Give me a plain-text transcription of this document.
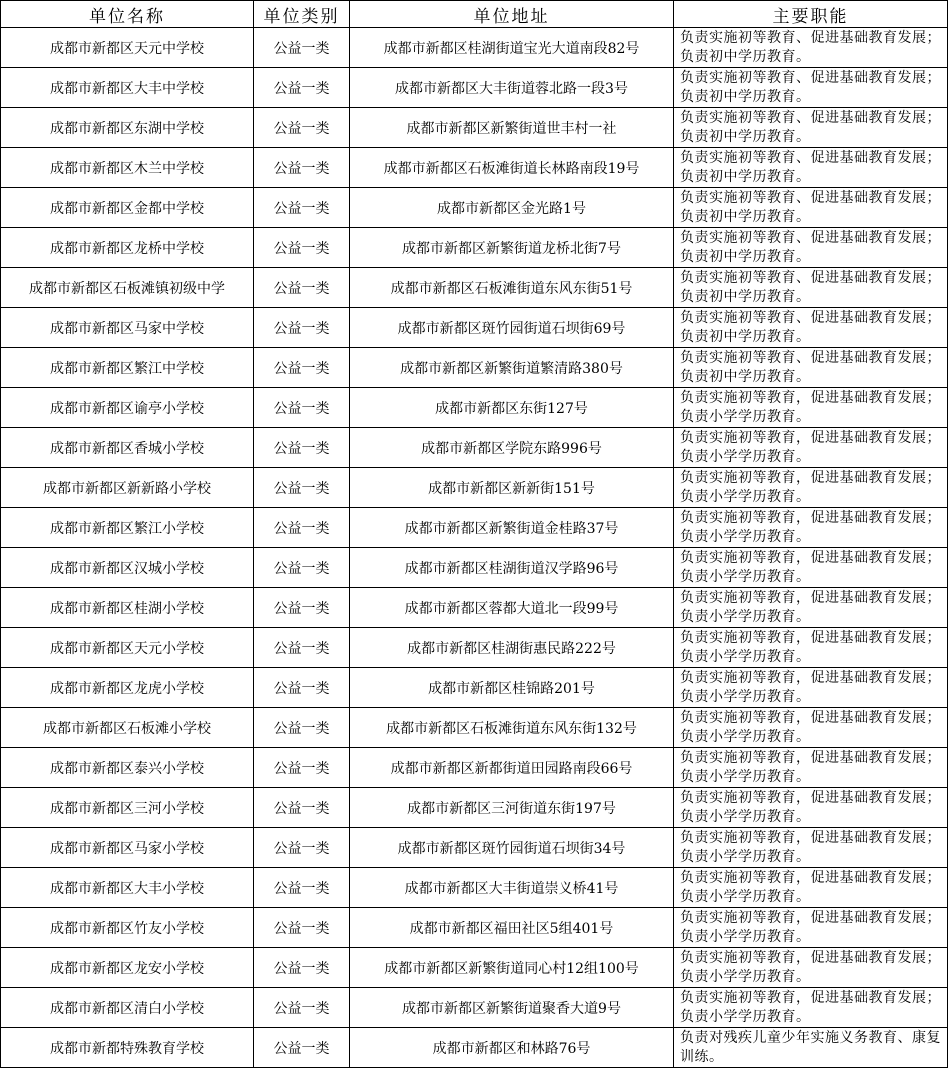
单位名称	单位类别	单位地址	主要职能
成都市新都区天元中学校	公益一类	成都市新都区桂湖街道宝光大道南段82号	负责实施初等教育、促进基础教育发展；负责初中学历教育。
成都市新都区大丰中学校	公益一类	成都市新都区大丰街道蓉北路一段3号	负责实施初等教育、促进基础教育发展；负责初中学历教育。
成都市新都区东湖中学校	公益一类	成都市新都区新繁街道世丰村一社	负责实施初等教育、促进基础教育发展；负责初中学历教育。
成都市新都区木兰中学校	公益一类	成都市新都区石板滩街道长林路南段19号	负责实施初等教育、促进基础教育发展；负责初中学历教育。
成都市新都区金都中学校	公益一类	成都市新都区金光路1号	负责实施初等教育、促进基础教育发展；负责初中学历教育。
成都市新都区龙桥中学校	公益一类	成都市新都区新繁街道龙桥北街7号	负责实施初等教育、促进基础教育发展；负责初中学历教育。
成都市新都区石板滩镇初级中学	公益一类	成都市新都区石板滩街道东风东街51号	负责实施初等教育、促进基础教育发展；负责初中学历教育。
成都市新都区马家中学校	公益一类	成都市新都区斑竹园街道石坝街69号	负责实施初等教育、促进基础教育发展；负责初中学历教育。
成都市新都区繁江中学校	公益一类	成都市新都区新繁街道繁清路380号	负责实施初等教育、促进基础教育发展；负责初中学历教育。
成都市新都区谕亭小学校	公益一类	成都市新都区东街127号	负责实施初等教育，促进基础教育发展；负责小学学历教育。
成都市新都区香城小学校	公益一类	成都市新都区学院东路996号	负责实施初等教育，促进基础教育发展；负责小学学历教育。
成都市新都区新新路小学校	公益一类	成都市新都区新新街151号	负责实施初等教育，促进基础教育发展；负责小学学历教育。
成都市新都区繁江小学校	公益一类	成都市新都区新繁街道金桂路37号	负责实施初等教育，促进基础教育发展；负责小学学历教育。
成都市新都区汉城小学校	公益一类	成都市新都区桂湖街道汉学路96号	负责实施初等教育，促进基础教育发展；负责小学学历教育。
成都市新都区桂湖小学校	公益一类	成都市新都区蓉都大道北一段99号	负责实施初等教育，促进基础教育发展；负责小学学历教育。
成都市新都区天元小学校	公益一类	成都市新都区桂湖街惠民路222号	负责实施初等教育，促进基础教育发展；负责小学学历教育。
成都市新都区龙虎小学校	公益一类	成都市新都区桂锦路201号	负责实施初等教育，促进基础教育发展；负责小学学历教育。
成都市新都区石板滩小学校	公益一类	成都市新都区石板滩街道东风东街132号	负责实施初等教育，促进基础教育发展；负责小学学历教育。
成都市新都区泰兴小学校	公益一类	成都市新都区新都街道田园路南段66号	负责实施初等教育，促进基础教育发展；负责小学学历教育。
成都市新都区三河小学校	公益一类	成都市新都区三河街道东街197号	负责实施初等教育，促进基础教育发展；负责小学学历教育。
成都市新都区马家小学校	公益一类	成都市新都区斑竹园街道石坝街34号	负责实施初等教育，促进基础教育发展；负责小学学历教育。
成都市新都区大丰小学校	公益一类	成都市新都区大丰街道崇义桥41号	负责实施初等教育，促进基础教育发展；负责小学学历教育。
成都市新都区竹友小学校	公益一类	成都市新都区福田社区5组401号	负责实施初等教育，促进基础教育发展；负责小学学历教育。
成都市新都区龙安小学校	公益一类	成都市新都区新繁街道同心村12组100号	负责实施初等教育，促进基础教育发展；负责小学学历教育。
成都市新都区清白小学校	公益一类	成都市新都区新繁街道聚香大道9号	负责实施初等教育，促进基础教育发展；负责小学学历教育。
成都市新都特殊教育学校	公益一类	成都市新都区和林路76号	负责对残疾儿童少年实施义务教育、康复训练。
